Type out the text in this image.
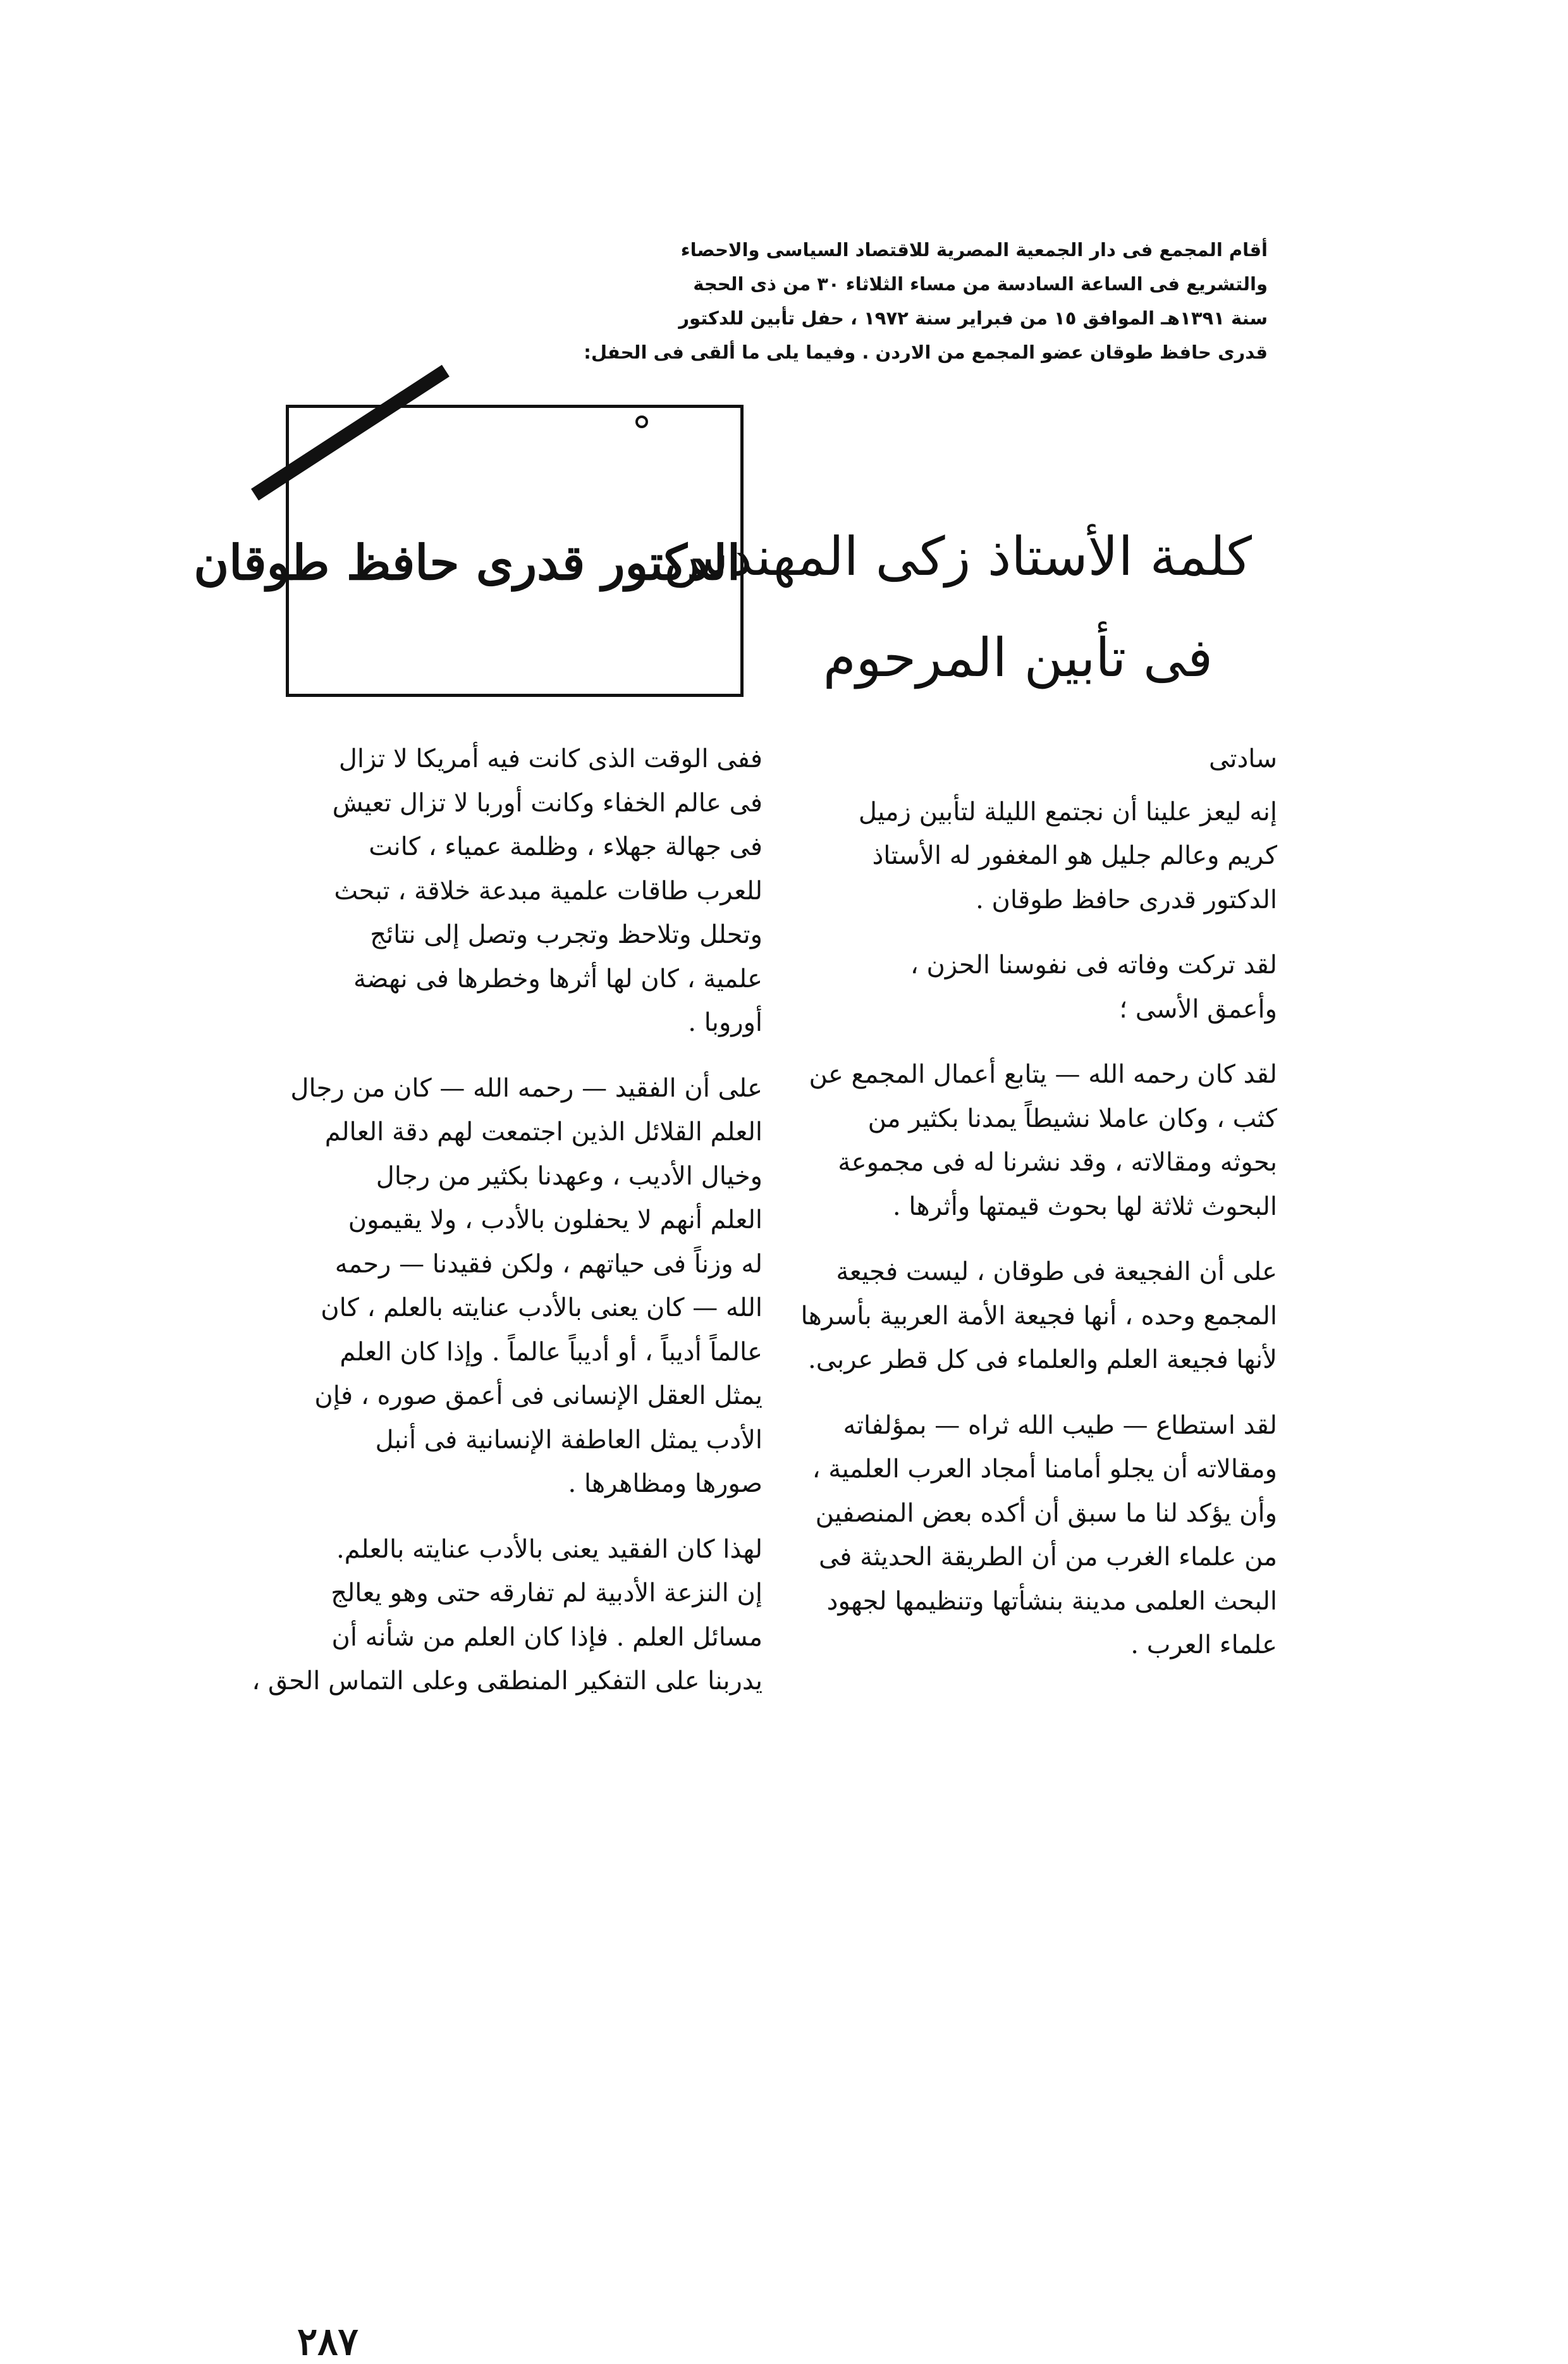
أقام المجمع فى دار الجمعية المصرية للاقتصاد السياسى والاحصاء
والتشريع فى الساعة السادسة من مساء الثلاثاء ٣٠ من ذى الحجة
سنة ١٣٩١هـ الموافق ١٥ من فبراير سنة ١٩٧٢ ، حفل تأبين للدكتور
قدرى حافظ طوقان عضو المجمع من الاردن . وفيما يلى ما ألقى فى الحفل:
الدكتور قدرى حافظ طوقان
كلمة الأستاذ زكى المهندس
فى تأبين المرحوم
سادتى
إنه ليعز علينا أن نجتمع الليلة لتأبين زميل
كريم وعالم جليل هو المغفور له الأستاذ
الدكتور قدرى حافظ طوقان .
لقد تركت وفاته فى نفوسنا الحزن ،
وأعمق الأسى ؛
لقد كان رحمه الله — يتابع أعمال المجمع عن
كثب ، وكان عاملا نشيطاً يمدنا بكثير من
بحوثه ومقالاته ، وقد نشرنا له فى مجموعة
البحوث ثلاثة لها بحوث قيمتها وأثرها .
على أن الفجيعة فى طوقان ، ليست فجيعة
المجمع وحده ، أنها فجيعة الأمة العربية بأسرها
لأنها فجيعة العلم والعلماء فى كل قطر عربى.
لقد استطاع — طيب الله ثراه — بمؤلفاته
ومقالاته أن يجلو أمامنا أمجاد العرب العلمية ،
وأن يؤكد لنا ما سبق أن أكده بعض المنصفين
من علماء الغرب من أن الطريقة الحديثة فى
البحث العلمى مدينة بنشأتها وتنظيمها لجهود
علماء العرب .
ففى الوقت الذى كانت فيه أمريكا لا تزال
فى عالم الخفاء وكانت أوربا لا تزال تعيش
فى جهالة جهلاء ، وظلمة عمياء ، كانت
للعرب طاقات علمية مبدعة خلاقة ، تبحث
وتحلل وتلاحظ وتجرب وتصل إلى نتائج
علمية ، كان لها أثرها وخطرها فى نهضة
أوروبا .
على أن الفقيد — رحمه الله — كان من رجال
العلم القلائل الذين اجتمعت لهم دقة العالم
وخيال الأديب ، وعهدنا بكثير من رجال
العلم أنهم لا يحفلون بالأدب ، ولا يقيمون
له وزناً فى حياتهم ، ولكن فقيدنا — رحمه
الله — كان يعنى بالأدب عنايته بالعلم ، كان
عالماً أديباً ، أو أديباً عالماً . وإذا كان العلم
يمثل العقل الإنسانى فى أعمق صوره ، فإن
الأدب يمثل العاطفة الإنسانية فى أنبل
صورها ومظاهرها .
لهذا كان الفقيد يعنى بالأدب عنايته بالعلم.
إن النزعة الأدبية لم تفارقه حتى وهو يعالج
مسائل العلم . فإذا كان العلم من شأنه أن
يدربنا على التفكير المنطقى وعلى التماس الحق ،
٢٨٧
